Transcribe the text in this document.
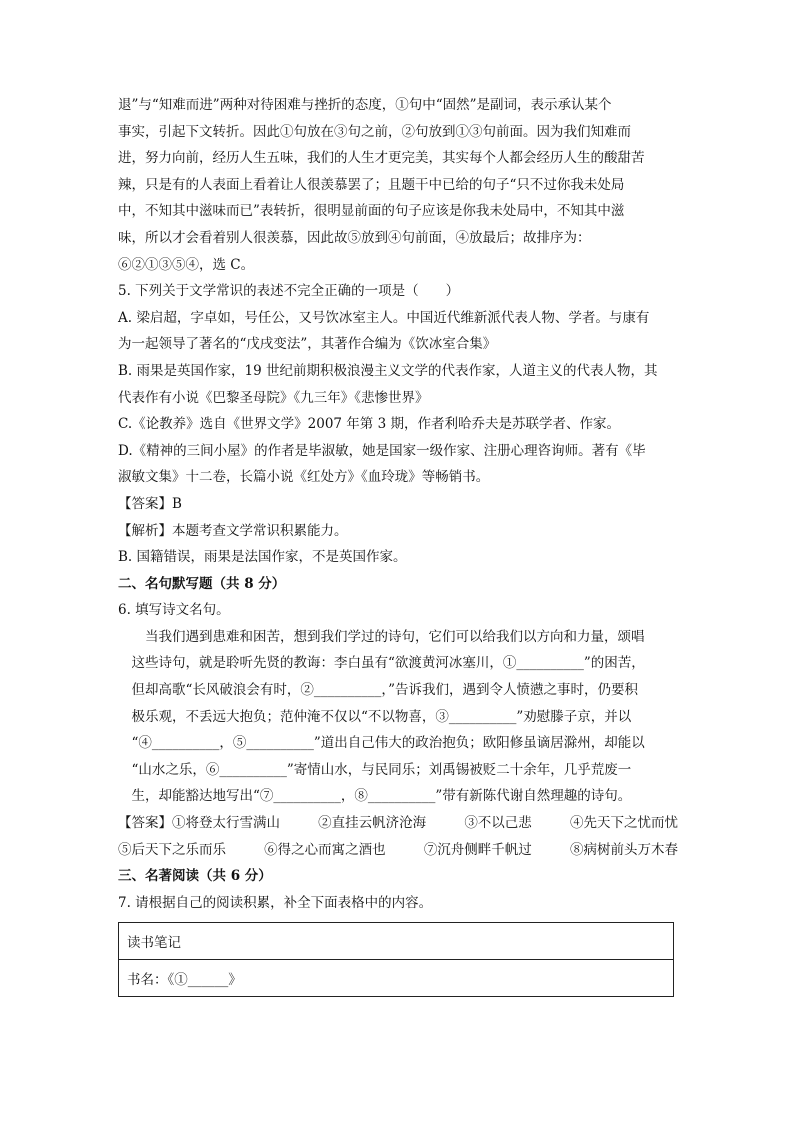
退”与“知难而进”两种对待困难与挫折的态度，①句中“固然”是副词，表示承认某个
事实，引起下文转折。因此①句放在③句之前，②句放到①③句前面。因为我们知难而
进，努力向前，经历人生五味，我们的人生才更完美，其实每个人都会经历人生的酸甜苦
辣，只是有的人表面上看着让人很羡慕罢了；且题干中已给的句子“只不过你我未处局
中，不知其中滋味而已”表转折，很明显前面的句子应该是你我未处局中，不知其中滋
味，所以才会看着别人很羡慕，因此故⑤放到④句前面，④放最后；故排序为：
⑥②①③⑤④，选 C。
5. 下列关于文学常识的表述不完全正确的一项是（　　）
A. 梁启超，字卓如，号任公，又号饮冰室主人。中国近代维新派代表人物、学者。与康有
为一起领导了著名的“戊戌变法”，其著作合编为《饮冰室合集》
B. 雨果是英国作家，19 世纪前期积极浪漫主义文学的代表作家，人道主义的代表人物，其
代表作有小说《巴黎圣母院》《九三年》《悲惨世界》
C.《论教养》选自《世界文学》2007 年第 3 期，作者利哈乔夫是苏联学者、作家。
D.《精神的三间小屋》的作者是毕淑敏，她是国家一级作家、注册心理咨询师。著有《毕
淑敏文集》十二卷，长篇小说《红处方》《血玲珑》等畅销书。
【答案】B
【解析】本题考查文学常识积累能力。
B. 国籍错误，雨果是法国作家，不是英国作家。
二、名句默写题（共 8 分）
6. 填写诗文名句。
当我们遇到患难和困苦，想到我们学过的诗句，它们可以给我们以方向和力量，颂唱
这些诗句，就是聆听先贤的教诲：李白虽有“欲渡黄河冰塞川，①__________”的困苦，
但却高歌“长风破浪会有时，②__________，”告诉我们，遇到令人愤懑之事时，仍要积
极乐观，不丢远大抱负；范仲淹不仅以“不以物喜，③__________”劝慰滕子京，并以
“④__________，⑤__________”道出自己伟大的政治抱负；欧阳修虽谪居滁州，却能以
“山水之乐，⑥__________”寄情山水，与民同乐；刘禹锡被贬二十余年，几乎荒废一
生，却能豁达地写出“⑦__________，⑧__________”带有新陈代谢自然理趣的诗句。
【答案】①将登太行雪满山	②直挂云帆济沧海	③不以己悲	④先天下之忧而忧
⑤后天下之乐而乐	⑥得之心而寓之酒也	⑦沉舟侧畔千帆过	⑧病树前头万木春
三、名著阅读（共 6 分）
7. 请根据自己的阅读积累，补全下面表格中的内容。
读书笔记
书名：《①______》
